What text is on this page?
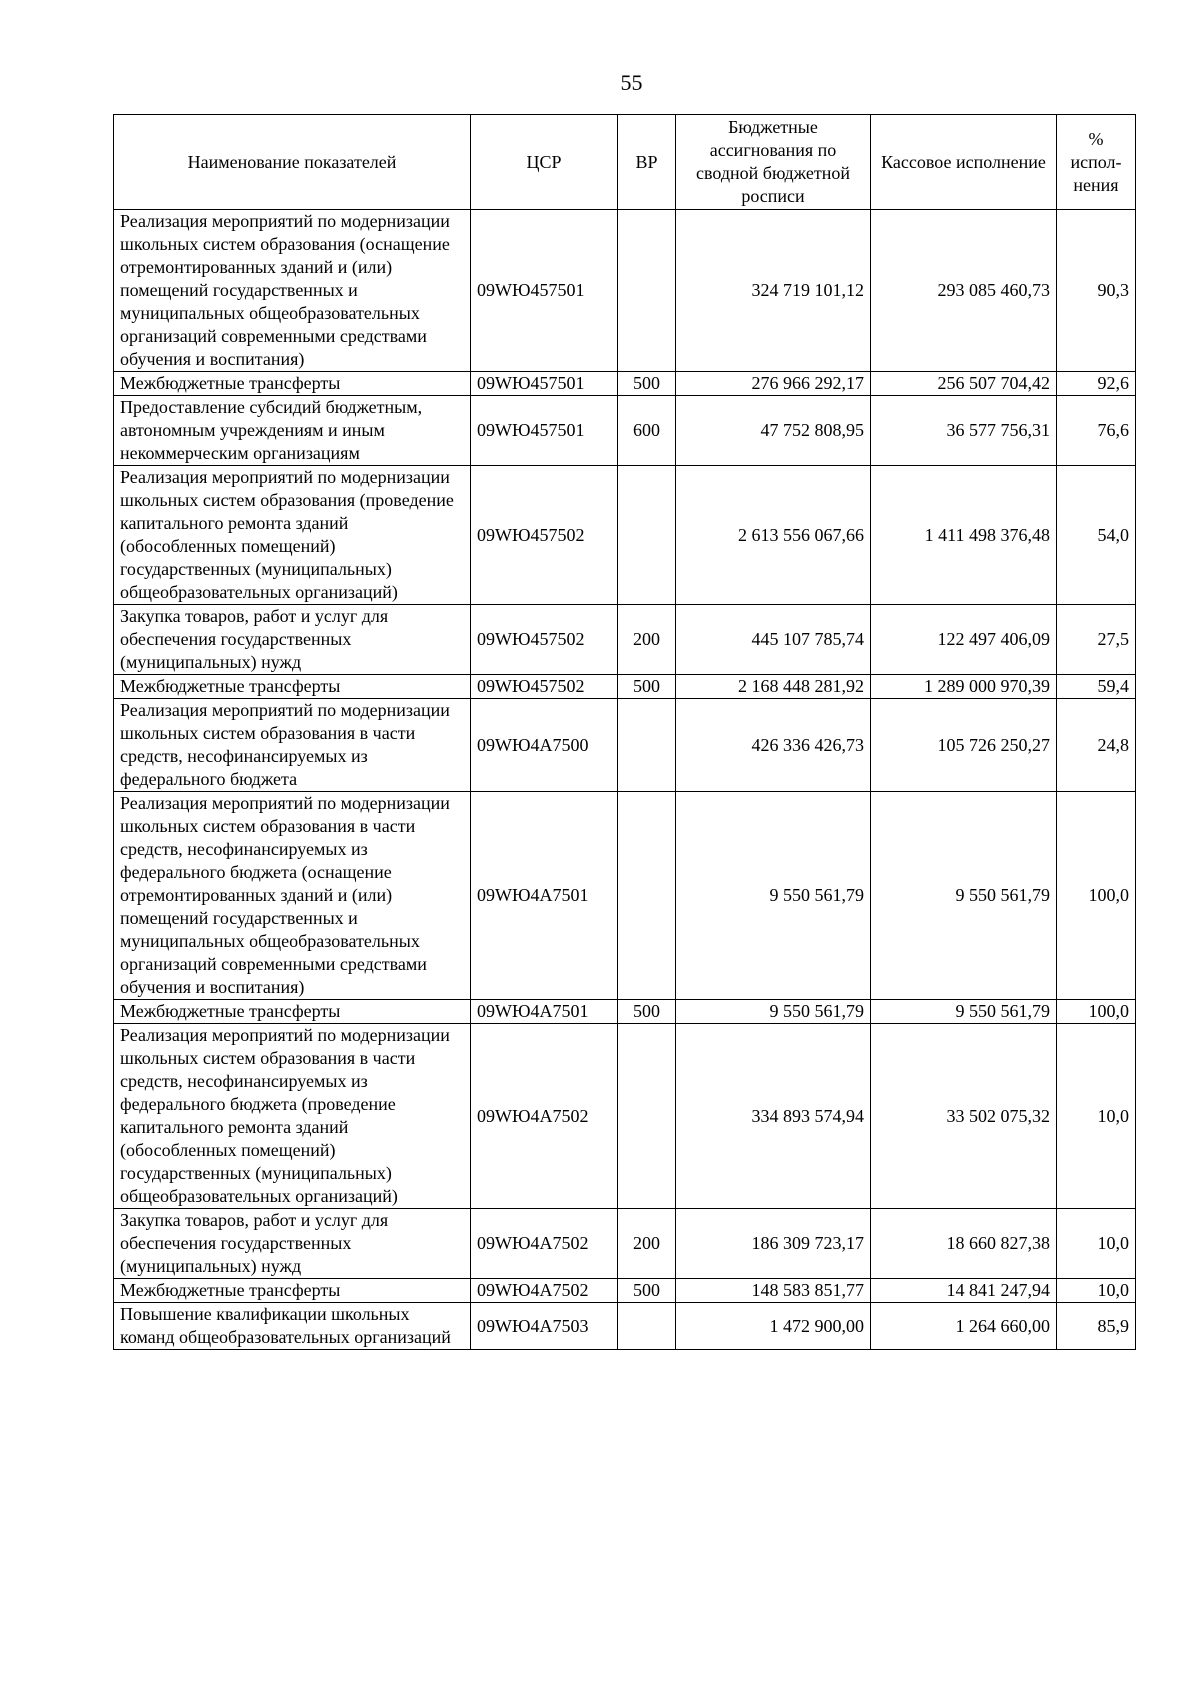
55
Наименование показателей	ЦСР	ВР	Бюджетные ассигнования по сводной бюджетной росписи	Кассовое исполнение	% испол-нения
Реализация мероприятий по модернизации школьных систем образования (оснащение отремонтированных зданий и (или) помещений государственных и муниципальных общеобразовательных организаций современными средствами обучения и воспитания)	09WЮ457501		324 719 101,12	293 085 460,73	90,3
Межбюджетные трансферты	09WЮ457501	500	276 966 292,17	256 507 704,42	92,6
Предоставление субсидий бюджетным, автономным учреждениям и иным некоммерческим организациям	09WЮ457501	600	47 752 808,95	36 577 756,31	76,6
Реализация мероприятий по модернизации школьных систем образования (проведение капитального ремонта зданий (обособленных помещений) государственных (муниципальных) общеобразовательных организаций)	09WЮ457502		2 613 556 067,66	1 411 498 376,48	54,0
Закупка товаров, работ и услуг для обеспечения государственных (муниципальных) нужд	09WЮ457502	200	445 107 785,74	122 497 406,09	27,5
Межбюджетные трансферты	09WЮ457502	500	2 168 448 281,92	1 289 000 970,39	59,4
Реализация мероприятий по модернизации школьных систем образования в части средств, несофинансируемых из федерального бюджета	09WЮ4А7500		426 336 426,73	105 726 250,27	24,8
Реализация мероприятий по модернизации школьных систем образования в части средств, несофинансируемых из федерального бюджета (оснащение отремонтированных зданий и (или) помещений государственных и муниципальных общеобразовательных организаций современными средствами обучения и воспитания)	09WЮ4А7501		9 550 561,79	9 550 561,79	100,0
Межбюджетные трансферты	09WЮ4А7501	500	9 550 561,79	9 550 561,79	100,0
Реализация мероприятий по модернизации школьных систем образования в части средств, несофинансируемых из федерального бюджета (проведение капитального ремонта зданий (обособленных помещений) государственных (муниципальных) общеобразовательных организаций)	09WЮ4А7502		334 893 574,94	33 502 075,32	10,0
Закупка товаров, работ и услуг для обеспечения государственных (муниципальных) нужд	09WЮ4А7502	200	186 309 723,17	18 660 827,38	10,0
Межбюджетные трансферты	09WЮ4А7502	500	148 583 851,77	14 841 247,94	10,0
Повышение квалификации школьных команд общеобразовательных организаций	09WЮ4А7503		1 472 900,00	1 264 660,00	85,9
